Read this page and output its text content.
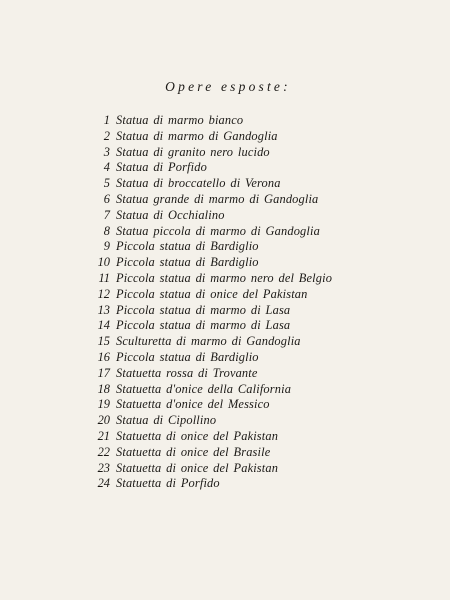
Opere esposte:
1 Statua di marmo bianco
2 Statua di marmo di Gandoglia
3 Statua di granito nero lucido
4 Statua di Porfido
5 Statua di broccatello di Verona
6 Statua grande di marmo di Gandoglia
7 Statua di Occhialino
8 Statua piccola di marmo di Gandoglia
9 Piccola statua di Bardiglio
10 Piccola statua di Bardiglio
11 Piccola statua di marmo nero del Belgio
12 Piccola statua di onice del Pakistan
13 Piccola statua di marmo di Lasa
14 Piccola statua di marmo di Lasa
15 Sculturetta di marmo di Gandoglia
16 Piccola statua di Bardiglio
17 Statuetta rossa di Trovante
18 Statuetta d'onice della California
19 Statuetta d'onice del Messico
20 Statua di Cipollino
21 Statuetta di onice del Pakistan
22 Statuetta di onice del Brasile
23 Statuetta di onice del Pakistan
24 Statuetta di Porfido
